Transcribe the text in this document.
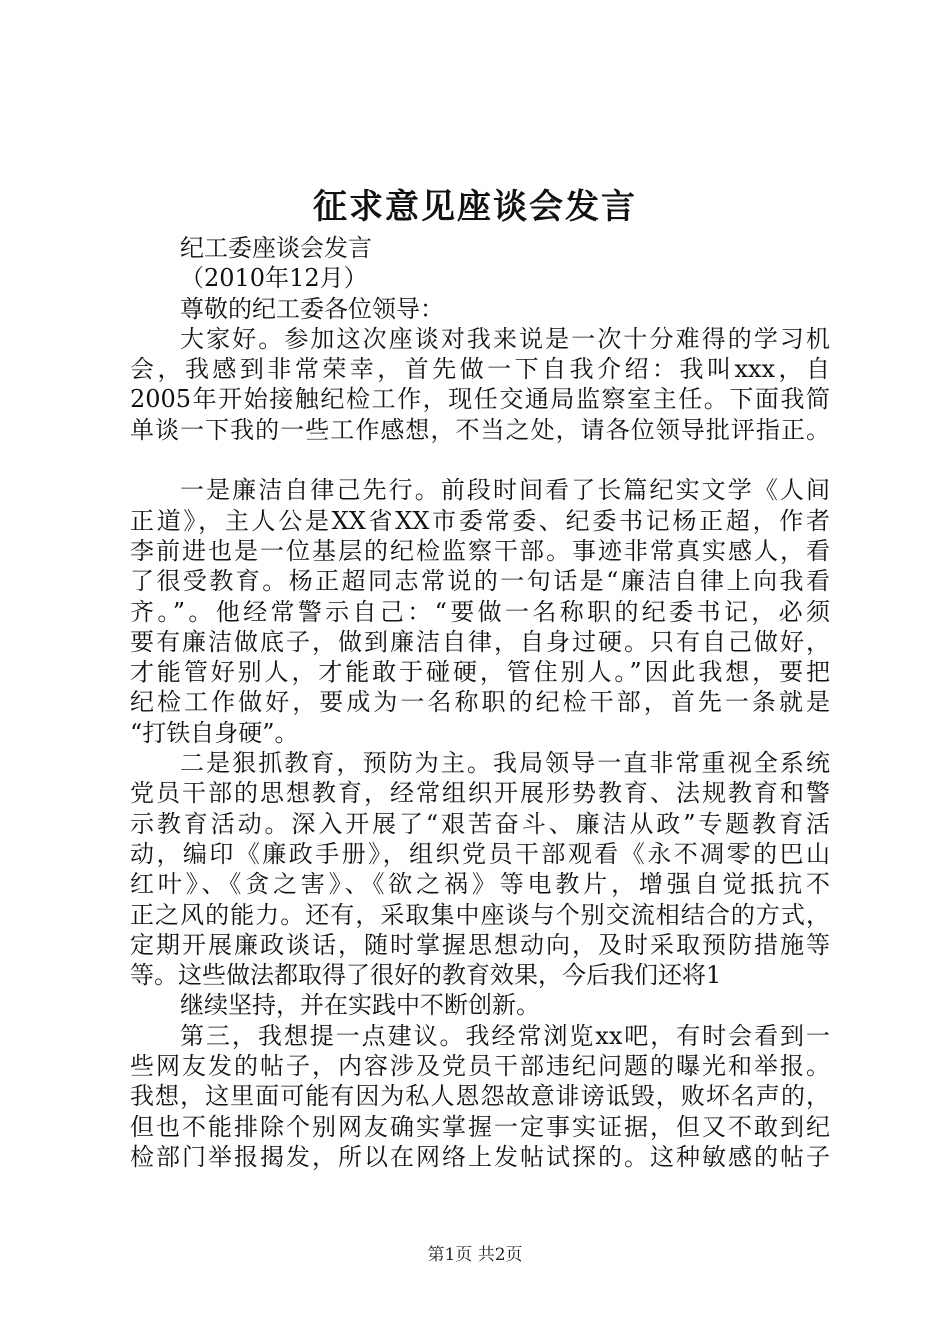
征求意见座谈会发言
纪工委座谈会发言
（2010年12月）
尊敬的纪工委各位领导：
大家好。参加这次座谈对我来说是一次十分难得的学习机
会，我感到非常荣幸，首先做一下自我介绍：我叫xxx，自
2005年开始接触纪检工作，现任交通局监察室主任。下面我简
单谈一下我的一些工作感想，不当之处，请各位领导批评指正。
一是廉洁自律己先行。前段时间看了长篇纪实文学《人间
正道》，主人公是XX省XX市委常委、纪委书记杨正超，作者
李前进也是一位基层的纪检监察干部。事迹非常真实感人，看
了很受教育。杨正超同志常说的一句话是“廉洁自律上向我看
齐。”。他经常警示自己：“要做一名称职的纪委书记，必须
要有廉洁做底子，做到廉洁自律，自身过硬。只有自己做好，
才能管好别人，才能敢于碰硬，管住别人。”因此我想，要把
纪检工作做好，要成为一名称职的纪检干部，首先一条就是
“打铁自身硬”。
二是狠抓教育，预防为主。我局领导一直非常重视全系统
党员干部的思想教育，经常组织开展形势教育、法规教育和警
示教育活动。深入开展了“艰苦奋斗、廉洁从政”专题教育活
动，编印《廉政手册》，组织党员干部观看《永不凋零的巴山
红叶》、《贪之害》、《欲之祸》等电教片，增强自觉抵抗不
正之风的能力。还有，采取集中座谈与个别交流相结合的方式，
定期开展廉政谈话，随时掌握思想动向，及时采取预防措施等
等。这些做法都取得了很好的教育效果，今后我们还将1
继续坚持，并在实践中不断创新。
第三，我想提一点建议。我经常浏览xx吧，有时会看到一
些网友发的帖子，内容涉及党员干部违纪问题的曝光和举报。
我想，这里面可能有因为私人恩怨故意诽谤诋毁，败坏名声的，
但也不能排除个别网友确实掌握一定事实证据，但又不敢到纪
检部门举报揭发，所以在网络上发帖试探的。这种敏感的帖子
第1页 共2页
